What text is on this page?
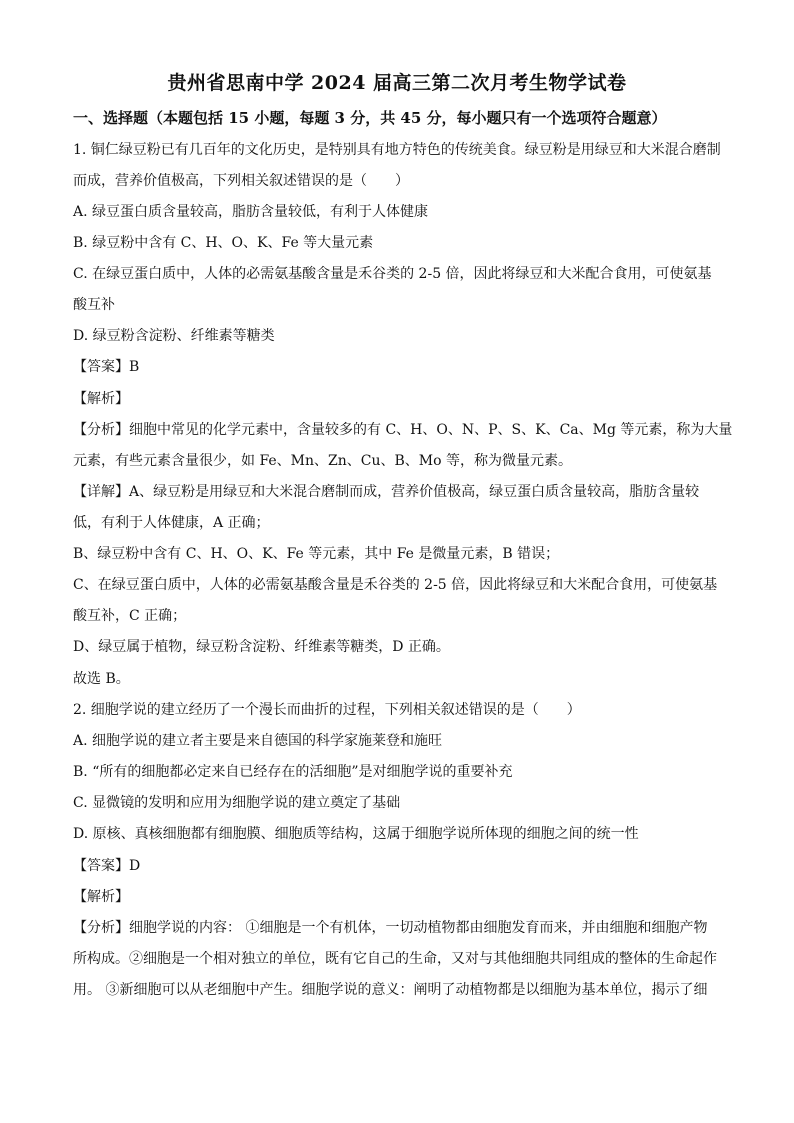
贵州省思南中学 2024 届高三第二次月考生物学试卷
一、选择题（本题包括 15 小题，每题 3 分，共 45 分，每小题只有一个选项符合题意）
1. 铜仁绿豆粉已有几百年的文化历史，是特别具有地方特色的传统美食。绿豆粉是用绿豆和大米混合磨制
而成，营养价值极高，下列相关叙述错误的是（　　）
A. 绿豆蛋白质含量较高，脂肪含量较低，有利于人体健康
B. 绿豆粉中含有 C、H、O、K、Fe 等大量元素
C. 在绿豆蛋白质中，人体的必需氨基酸含量是禾谷类的 2-5 倍，因此将绿豆和大米配合食用，可使氨基
酸互补
D. 绿豆粉含淀粉、纤维素等糖类
【答案】B
【解析】
【分析】细胞中常见的化学元素中，含量较多的有 C、H、O、N、P、S、K、Ca、Mg 等元素，称为大量
元素，有些元素含量很少，如 Fe、Mn、Zn、Cu、B、Mo 等，称为微量元素。
【详解】A、绿豆粉是用绿豆和大米混合磨制而成，营养价值极高，绿豆蛋白质含量较高，脂肪含量较
低，有利于人体健康，A 正确；
B、绿豆粉中含有 C、H、O、K、Fe 等元素，其中 Fe 是微量元素，B 错误；
C、在绿豆蛋白质中，人体的必需氨基酸含量是禾谷类的 2-5 倍，因此将绿豆和大米配合食用，可使氨基
酸互补，C 正确；
D、绿豆属于植物，绿豆粉含淀粉、纤维素等糖类，D 正确。
故选 B。
2. 细胞学说的建立经历了一个漫长而曲折的过程，下列相关叙述错误的是（　　）
A. 细胞学说的建立者主要是来自德国的科学家施莱登和施旺
B. “所有的细胞都必定来自已经存在的活细胞”是对细胞学说的重要补充
C. 显微镜的发明和应用为细胞学说的建立奠定了基础
D. 原核、真核细胞都有细胞膜、细胞质等结构，这属于细胞学说所体现的细胞之间的统一性
【答案】D
【解析】
【分析】细胞学说的内容： ①细胞是一个有机体，一切动植物都由细胞发育而来，并由细胞和细胞产物
所构成。②细胞是一个相对独立的单位，既有它自己的生命，又对与其他细胞共同组成的整体的生命起作
用。 ③新细胞可以从老细胞中产生。细胞学说的意义：阐明了动植物都是以细胞为基本单位，揭示了细
